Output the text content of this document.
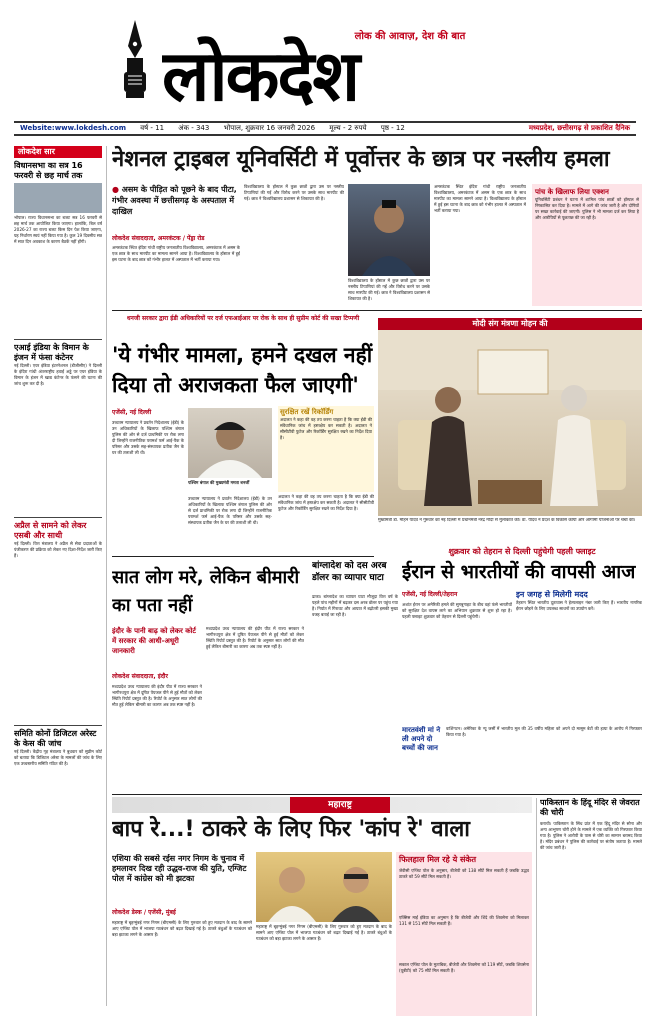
लोक की आवाज़, देश की बात
लोकदेश
Website:www.lokdesh.com वर्ष - 11 अंक - 343 भोपाल, शुक्रवार 16 जनवरी 2026 मूल्य - 2 रुपये पृष्ठ - 12	मध्यप्रदेश, छत्तीसगढ़ से प्रकाशित दैनिक
लोकदेश सार
विधानसभा का सत्र 16 फरवरी से छह मार्च तक
भोपाल। राज्य विधानसभा का बजट सत्र 16 फरवरी से छह मार्च तक आयोजित किया जाएगा। हालांकि, बिल वर्ष 2026-27 का राज्य बजट किस दिन पेश किया जाएगा, यह निर्धारण स्वयं नहीं किया गया है। कुल 19 दिवसीय सत्र में सात दिन अवकाश के कारण बैठकें नहीं होंगी।
एआई इंडिया के विमान के इंजन में फंसा कंटेनर
नई दिल्ली। एयर इंडिया इंटरनेशनल (डीजीसीए) ने दिल्ली के इंदिरा गांधी अंतरराष्ट्रीय हवाई अड्डे पर एयर इंडिया के विमान के इंजन में खाद्य कंटेनर के फंसने की घटना की जांच शुरू कर दी है।
अप्रैल से सामने को लेकर एसबी और साथी
नई दिल्ली। वित्त मंत्रालय ने अप्रैल से सेवा प्रदाताओं के पंजीकरण की प्रक्रिया को लेकर नए दिशा-निर्देश जारी किए हैं।
समिति कोनों डिजिटल अरेस्ट के केस की जांच
नई दिल्ली। केंद्रीय गृह मंत्रालय ने बुधवार को सुप्रीम कोर्ट को बताया कि डिजिटल अरेस्ट के मामलों की जांच के लिए एक उच्चस्तरीय समिति गठित की है।
नेशनल ट्राइबल यूनिवर्सिटी में पूर्वोत्तर के छात्र पर नस्लीय हमला
● असम के पीड़ित को पूछने के बाद पीटा, गंभीर अवस्था में छत्तीसगढ़ के अस्पताल में दाखिल
लोकदेश संवाददाता, अमरकंटक / पेंड्रा रोड
अमरकंटक स्थित इंदिरा गांधी राष्ट्रीय जनजातीय विश्वविद्यालय, अमरकंटक में असम के एक छात्र के साथ मारपीट का मामला सामने आया है। विश्वविद्यालय के हॉस्टल में हुई इस घटना के बाद छात्र को गंभीर हालत में अस्पताल में भर्ती कराया गया।
विश्वविद्यालय के हॉस्टल में कुछ छात्रों द्वारा उस पर नस्लीय टिप्पणियां की गईं और विरोध करने पर उसके साथ मारपीट की गई। छात्र ने विश्वविद्यालय प्रशासन से शिकायत की है।
विश्वविद्यालय के हॉस्टल में कुछ छात्रों द्वारा उस पर नस्लीय टिप्पणियां की गईं और विरोध करने पर उसके साथ मारपीट की गई। छात्र ने विश्वविद्यालय प्रशासन से शिकायत की है।
अमरकंटक स्थित इंदिरा गांधी राष्ट्रीय जनजातीय विश्वविद्यालय, अमरकंटक में असम के एक छात्र के साथ मारपीट का मामला सामने आया है। विश्वविद्यालय के हॉस्टल में हुई इस घटना के बाद छात्र को गंभीर हालत में अस्पताल में भर्ती कराया गया।
पांच के खिलाफ लिया एक्शन
यूनिवर्सिटी प्रबंधन ने घटना में शामिल पांच छात्रों को हॉस्टल से निष्कासित कर दिया है। मामले में आगे की जांच जारी है और दोषियों पर सख्त कार्रवाई की जाएगी। पुलिस ने भी मामला दर्ज कर लिया है और आरोपियों से पूछताछ की जा रही है।
धनजी सरकार द्वारा ईडी अधिकारियों पर दर्ज एफआईआर पर रोक के साथ ही सुप्रीम कोर्ट की सख्त टिप्पणी
'ये गंभीर मामला, हमने दखल नहीं दिया तो अराजकता फैल जाएगी'
एजेंसी, नई दिल्ली
उच्चतम न्यायालय ने प्रवर्तन निदेशालय (ईडी) के उन अधिकारियों के खिलाफ पश्चिम बंगाल पुलिस की ओर से दर्ज प्राथमिकी पर रोक लगा दी जिन्होंने राजनीतिक परामर्श फर्म आई-पैक के परिसर और उसके सह-संस्थापक प्रतीक जैन के घर की तलाशी ली थी।
पश्चिम बंगाल की मुख्यमंत्री ममता बनर्जी
उच्चतम न्यायालय ने प्रवर्तन निदेशालय (ईडी) के उन अधिकारियों के खिलाफ पश्चिम बंगाल पुलिस की ओर से दर्ज प्राथमिकी पर रोक लगा दी जिन्होंने राजनीतिक परामर्श फर्म आई-पैक के परिसर और उसके सह-संस्थापक प्रतीक जैन के घर की तलाशी ली थी।
सुरक्षित रखें रिकॉर्डिंग
अदालत ने कहा की वह तय करना चाहता है कि क्या ईडी की संवैधानिक जांच में हस्तक्षेप कर सकती है। अदालत ने सीसीटीवी फुटेज और रिकॉर्डिंग सुरक्षित रखने का निर्देश दिया है।
अदालत ने कहा की वह तय करना चाहता है कि क्या ईडी की संवैधानिक जांच में हस्तक्षेप कर सकती है। अदालत ने सीसीटीवी फुटेज और रिकॉर्डिंग सुरक्षित रखने का निर्देश दिया है।
मोदी संग मंत्रणा मोहन की
मुख्यमंत्री डॉ. मोहन यादव ने गुरुवार को नई दिल्ली में प्रधानमंत्री नरेंद्र मोदी से मुलाकात की। डॉ. यादव ने प्रदेश के विकास कार्यों और आगामी योजनाओं पर चर्चा की।
सात लोग मरे, लेकिन बीमारी का पता नहीं
इंदौर के पानी बाढ़ को लेकर कोर्ट में सरकार की आधी-अधूरी जानकारी
लोकदेश संवाददाता, इंदौर
मध्यप्रदेश उच्च न्यायालय की इंदौर पीठ में राज्य सरकार ने भागीरथपुरा क्षेत्र में दूषित पेयजल पीने से हुई मौतों को लेकर स्थिति रिपोर्ट प्रस्तुत की है। रिपोर्ट के अनुसार सात लोगों की मौत हुई लेकिन बीमारी का कारण अब तक स्पष्ट नहीं है।
मध्यप्रदेश उच्च न्यायालय की इंदौर पीठ में राज्य सरकार ने भागीरथपुरा क्षेत्र में दूषित पेयजल पीने से हुई मौतों को लेकर स्थिति रिपोर्ट प्रस्तुत की है। रिपोर्ट के अनुसार सात लोगों की मौत हुई लेकिन बीमारी का कारण अब तक स्पष्ट नहीं है।
बांग्लादेश को दस अरब डॉलर का व्यापार घाटा
ढाका। बांग्लादेश का व्यापार घाटा मौजूदा वित्त वर्ष के पहले पांच महीनों में बढ़कर दस अरब डॉलर पर पहुंच गया है। निर्यात में गिरावट और आयात में बढ़ोतरी इसकी मुख्य वजह बताई जा रही है।
शुक्रवार को तेहरान से दिल्ली पहुंचेगी पहली फ्लाइट
ईरान से भारतीयों की वापसी आज
एजेंसी, नई दिल्ली/तेहरान
अशांत ईरान पर अमेरिकी हमले की सुगबुगाहट के बीच वहां फंसे भारतीयों को सुरक्षित देश वापस लाने का अभियान शुक्रवार से शुरू हो रहा है। पहली फ्लाइट शुक्रवार को तेहरान से दिल्ली पहुंचेगी।
इन जगह से मिलेगी मदद
तेहरान स्थित भारतीय दूतावास ने हेल्पलाइन नंबर जारी किए हैं। भारतीय नागरिक ईरान छोड़ने के लिए उपलब्ध साधनों का उपयोग करें।
मारतवंशी मां ने ली अपने दो बच्चों की जान
वाशिंगटन। अमेरिका के न्यू जर्सी में भारतीय मूल की 35 वर्षीय महिला को अपने दो मासूम बेटों की हत्या के आरोप में गिरफ्तार किया गया है।
महाराष्ट्र
बाप रे...! ठाकरे के लिए फिर 'कांप रे' वाला
एशिया की सबसे रईस नगर निगम के चुनाव में हमलावर दिख रही उद्धव-राज की युति, एग्जिट पोल में कांग्रेस को मी झटका
लोकदेश डेस्क / एजेंसी, मुंबई
महाराष्ट्र में बृहन्मुंबई नगर निगम (बीएमसी) के लिए गुरुवार को हुए मतदान के बाद के सामने आए एग्जिट पोल में भाजपा गठबंधन को बढ़त दिखाई गई है। ठाकरे बंधुओं के गठबंधन को बड़ा झटका लगने के आसार हैं।
महाराष्ट्र में बृहन्मुंबई नगर निगम (बीएमसी) के लिए गुरुवार को हुए मतदान के बाद के सामने आए एग्जिट पोल में भाजपा गठबंधन को बढ़त दिखाई गई है। ठाकरे बंधुओं के गठबंधन को बड़ा झटका लगने के आसार हैं।
फिलहाल मिल रहे ये संकेत
जेवीसी एग्जिट पोल के अनुसार, बीजेपी को 138 सीटें मिल सकती हैं जबकि उद्धव ठाकरे को 59 सीटें मिल सकती हैं।
एक्सिस माई इंडिया का अनुमान है कि बीजेपी और शिंदे की शिवसेना को मिलाकर 131 से 151 सीटें मिल सकती हैं।
सकाल एग्जिट पोल के मुताबिक, बीजेपी और शिवसेना को 119 सीटें, जबकि शिवसेना (यूबीटी) को 75 सीटें मिल सकती हैं।
पाकिस्तान के हिंदू मंदिर से जेवरात की चोरी
कराची। पाकिस्तान के सिंध प्रांत में एक हिंदू मंदिर से सोना और अन्य आभूषण चोरी होने के मामले में एक व्यक्ति को गिरफ्तार किया गया है। पुलिस ने आरोपी के पास से चोरी का सामान बरामद किया है। मंदिर प्रबंधन ने पुलिस की कार्रवाई पर संतोष जताया है। मामले की जांच जारी है।
